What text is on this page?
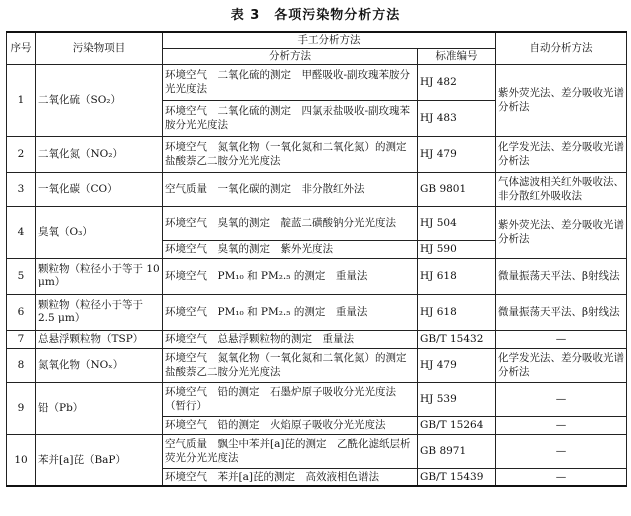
表 3　各项污染物分析方法
序号	污染物项目	手工分析方法		自动分析方法
		分析方法	标准编号	
1	二氧化硫（SO₂）	环境空气　二氧化硫的测定　甲醛吸收-副玫瑰苯胺分光光度法	HJ 482	紫外荧光法、差分吸收光谱分析法
		环境空气　二氧化硫的测定　四氯汞盐吸收-副玫瑰苯胺分光光度法	HJ 483	
2	二氧化氮（NO₂）	环境空气　氮氧化物（一氧化氮和二氧化氮）的测定　盐酸萘乙二胺分光光度法	HJ 479	化学发光法、差分吸收光谱分析法
3	一氧化碳（CO）	空气质量　一氧化碳的测定　非分散红外法	GB 9801	气体滤波相关红外吸收法、非分散红外吸收法
4	臭氧（O₃）	环境空气　臭氧的测定　靛蓝二磺酸钠分光光度法	HJ 504	紫外荧光法、差分吸收光谱分析法
		环境空气　臭氧的测定　紫外光度法	HJ 590	
5	颗粒物（粒径小于等于 10 μm）	环境空气　PM₁₀ 和 PM₂.₅ 的测定　重量法	HJ 618	微量振荡天平法、β射线法
6	颗粒物（粒径小于等于 2.5 μm）	环境空气　PM₁₀ 和 PM₂.₅ 的测定　重量法	HJ 618	微量振荡天平法、β射线法
7	总悬浮颗粒物（TSP）	环境空气　总悬浮颗粒物的测定　重量法	GB/T 15432	—
8	氮氧化物（NOₓ）	环境空气　氮氧化物（一氧化氮和二氧化氮）的测定　盐酸萘乙二胺分光光度法	HJ 479	化学发光法、差分吸收光谱分析法
9	铅（Pb）	环境空气　铅的测定　石墨炉原子吸收分光光度法（暂行）	HJ 539	—
		环境空气　铅的测定　火焰原子吸收分光光度法	GB/T 15264	—
10	苯并[a]芘（BaP）	空气质量　飘尘中苯并[a]芘的测定　乙酰化滤纸层析荧光分光光度法	GB 8971	—
		环境空气　苯并[a]芘的测定　高效液相色谱法	GB/T 15439	—
